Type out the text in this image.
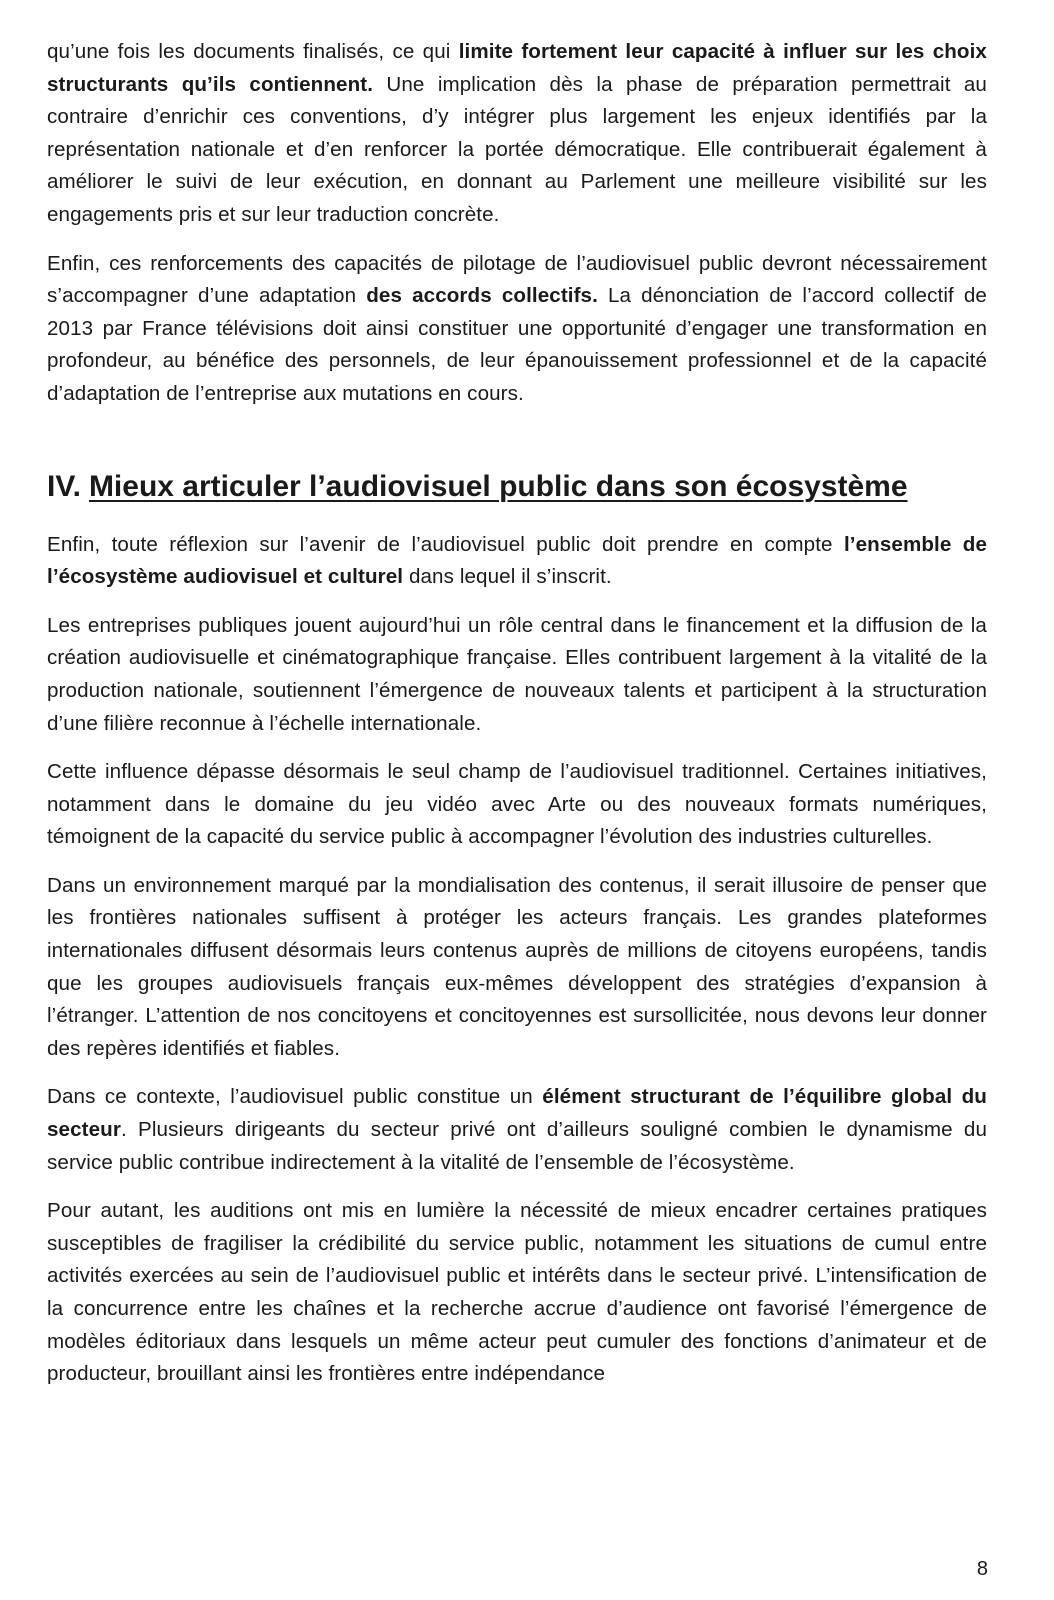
qu’une fois les documents finalisés, ce qui limite fortement leur capacité à influer sur les choix structurants qu’ils contiennent. Une implication dès la phase de préparation permettrait au contraire d’enrichir ces conventions, d’y intégrer plus largement les enjeux identifiés par la représentation nationale et d’en renforcer la portée démocratique. Elle contribuerait également à améliorer le suivi de leur exécution, en donnant au Parlement une meilleure visibilité sur les engagements pris et sur leur traduction concrète.

Enfin, ces renforcements des capacités de pilotage de l’audiovisuel public devront nécessairement s’accompagner d’une adaptation des accords collectifs. La dénonciation de l’accord collectif de 2013 par France télévisions doit ainsi constituer une opportunité d’engager une transformation en profondeur, au bénéfice des personnels, de leur épanouissement professionnel et de la capacité d’adaptation de l’entreprise aux mutations en cours.

IV. Mieux articuler l’audiovisuel public dans son écosystème

Enfin, toute réflexion sur l’avenir de l’audiovisuel public doit prendre en compte l’ensemble de l’écosystème audiovisuel et culturel dans lequel il s’inscrit.

Les entreprises publiques jouent aujourd’hui un rôle central dans le financement et la diffusion de la création audiovisuelle et cinématographique française. Elles contribuent largement à la vitalité de la production nationale, soutiennent l’émergence de nouveaux talents et participent à la structuration d’une filière reconnue à l’échelle internationale.

Cette influence dépasse désormais le seul champ de l’audiovisuel traditionnel. Certaines initiatives, notamment dans le domaine du jeu vidéo avec Arte ou des nouveaux formats numériques, témoignent de la capacité du service public à accompagner l’évolution des industries culturelles.

Dans un environnement marqué par la mondialisation des contenus, il serait illusoire de penser que les frontières nationales suffisent à protéger les acteurs français. Les grandes plateformes internationales diffusent désormais leurs contenus auprès de millions de citoyens européens, tandis que les groupes audiovisuels français eux-mêmes développent des stratégies d’expansion à l’étranger. L’attention de nos concitoyens et concitoyennes est sursollicitée, nous devons leur donner des repères identifiés et fiables.

Dans ce contexte, l’audiovisuel public constitue un élément structurant de l’équilibre global du secteur. Plusieurs dirigeants du secteur privé ont d’ailleurs souligné combien le dynamisme du service public contribue indirectement à la vitalité de l’ensemble de l’écosystème.

Pour autant, les auditions ont mis en lumière la nécessité de mieux encadrer certaines pratiques susceptibles de fragiliser la crédibilité du service public, notamment les situations de cumul entre activités exercées au sein de l’audiovisuel public et intérêts dans le secteur privé. L’intensification de la concurrence entre les chaînes et la recherche accrue d’audience ont favorisé l’émergence de modèles éditoriaux dans lesquels un même acteur peut cumuler des fonctions d’animateur et de producteur, brouillant ainsi les frontières entre indépendance

8
